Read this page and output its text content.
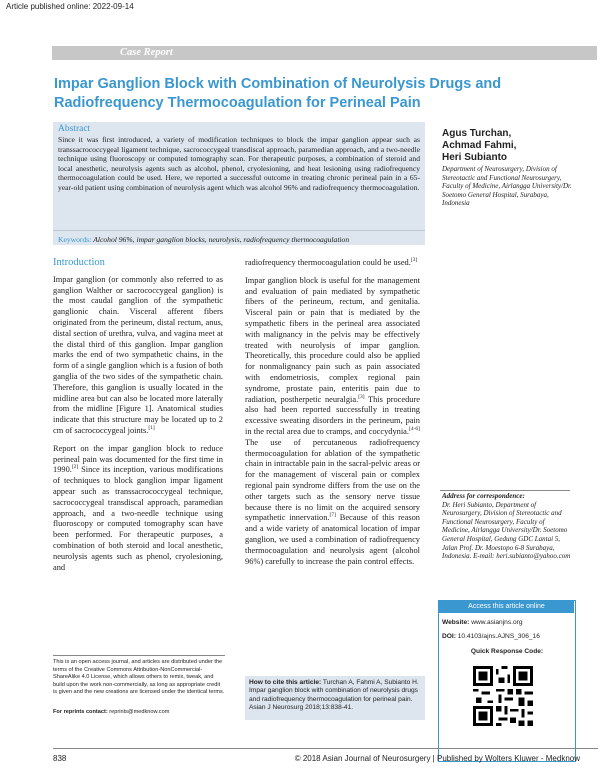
Article published online: 2022-09-14
Case Report
Impar Ganglion Block with Combination of Neurolysis Drugs and Radiofrequency Thermocoagulation for Perineal Pain
Abstract
Since it was first introduced, a variety of modification techniques to block the impar ganglion appear such as transsacrococcygeal ligament technique, sacrococcygeal transdiscal approach, paramedian approach, and a two-needle technique using fluoroscopy or computed tomography scan. For therapeutic purposes, a combination of steroid and local anesthetic, neurolysis agents such as alcohol, phenol, cryolesioning, and heat lesioning using radiofrequency thermocoagulation could be used. Here, we reported a successful outcome in treating chronic perineal pain in a 65-year-old patient using combination of neurolysis agent which was alcohol 96% and radiofrequency thermocoagulation.
Keywords: Alcohol 96%, impar ganglion blocks, neurolysis, radiofrequency thermocoagulation
Agus Turchan,
Achmad Fahmi,
Heri Subianto
Department of Neurosurgery, Division of Stereotactic and Functional Neurosurgery, Faculty of Medicine, Airlangga University/Dr. Soetomo General Hospital, Surabaya, Indonesia
Introduction

Impar ganglion (or commonly also referred to as ganglion Walther or sacrococcygeal ganglion) is the most caudal ganglion of the sympathetic ganglionic chain. Visceral afferent fibers originated from the perineum, distal rectum, anus, distal section of urethra, vulva, and vagina meet at the distal third of this ganglion. Impar ganglion marks the end of two sympathetic chains, in the form of a single ganglion which is a fusion of both ganglia of the two sides of the sympathetic chain. Therefore, this ganglion is usually located in the midline area but can also be located more laterally from the midline [Figure 1]. Anatomical studies indicate that this structure may be located up to 2 cm of sacrococcygeal joints.[1]

Report on the impar ganglion block to reduce perineal pain was documented for the first time in 1990.[2] Since its inception, various modifications of techniques to block ganglion impar ligament appear such as transsacrococcygeal technique, sacrococcygeal transdiscal approach, paramedian approach, and a two-needle technique using fluoroscopy or computed tomography scan have been performed. For therapeutic purposes, a combination of both steroid and local anesthetic, neurolysis agents such as phenol, cryolesioning, and

radiofrequency thermocoagulation could be used.[3]

Impar ganglion block is useful for the management and evaluation of pain mediated by sympathetic fibers of the perineum, rectum, and genitalia. Visceral pain or pain that is mediated by the sympathetic fibers in the perineal area associated with malignancy in the pelvis may be effectively treated with neurolysis of impar ganglion. Theoretically, this procedure could also be applied for nonmalignancy pain such as pain associated with endometriosis, complex regional pain syndrome, prostate pain, enteritis pain due to radiation, postherpetic neuralgia.[3] This procedure also had been reported successfully in treating excessive sweating disorders in the perineum, pain in the rectal area due to cramps, and coccydynia.[4-6] The use of percutaneous radiofrequency thermocoagulation for ablation of the sympathetic chain in intractable pain in the sacral-pelvic areas or for the management of visceral pain or complex regional pain syndrome differs from the use on the other targets such as the sensory nerve tissue because there is no limit on the acquired sensory sympathetic innervation.[7] Because of this reason and a wide variety of anatomical location of impar ganglion, we used a combination of radiofrequency thermocoagulation and neurolysis agent (alcohol 96%) carefully to increase the pain control effects.

Address for correspondence:
Dr. Heri Subianto, Department of Neurosurgery, Division of Stereotactic and Functional Neurosurgery, Faculty of Medicine, Airlangga University/Dr. Soetomo General Hospital, Gedung GDC Lantai 5, Jalan Prof. Dr. Moestopo 6-8 Surabaya, Indonesia. E-mail: heri.subianto@yahoo.com
Access this article online
Website: www.asianjns.org
DOI: 10.4103/ajns.AJNS_306_16
Quick Response Code:
How to cite this article: Turchan A, Fahmi A, Subianto H. Impar ganglion block with combination of neurolysis drugs and radiofrequency thermocoagulation for perineal pain. Asian J Neurosurg 2018;13:838-41.
This is an open access journal, and articles are distributed under the terms of the Creative Commons Attribution-NonCommercial-ShareAlike 4.0 License, which allows others to remix, tweak, and build upon the work non-commercially, as long as appropriate credit is given and the new creations are licensed under the identical terms.
For reprints contact: reprints@medknow.com
838	© 2018 Asian Journal of Neurosurgery | Published by Wolters Kluwer - Medknow
